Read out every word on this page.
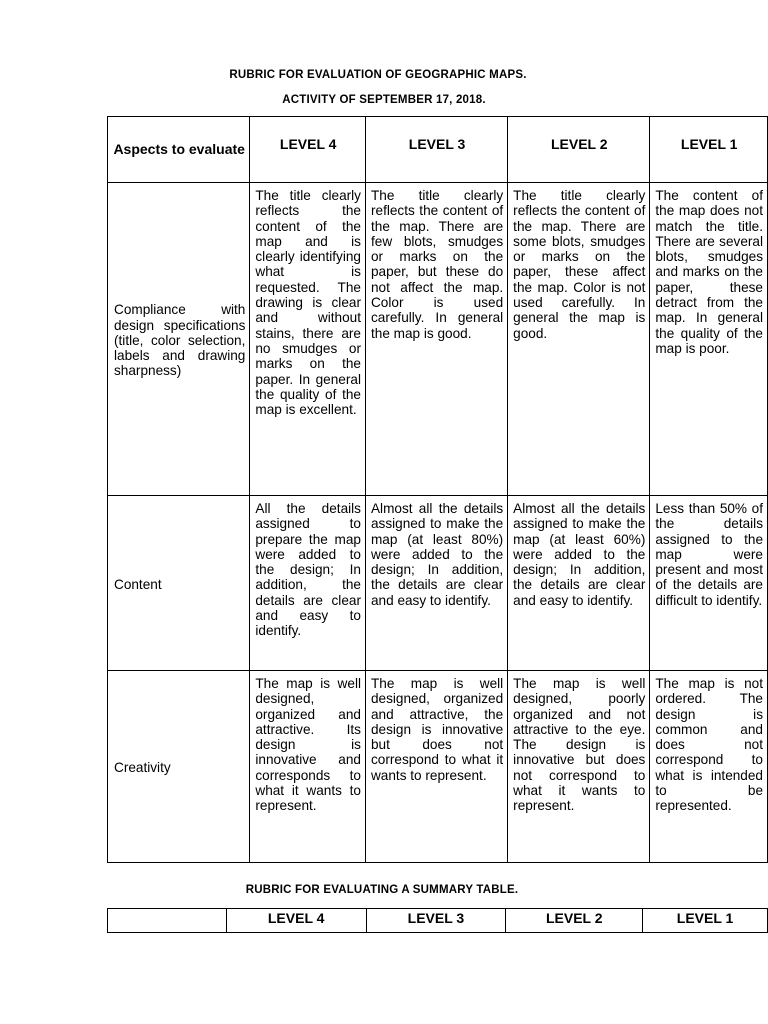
RUBRIC FOR EVALUATION OF GEOGRAPHIC MAPS.
ACTIVITY OF SEPTEMBER 17, 2018.
Aspects to evaluate	LEVEL 4	LEVEL 3	LEVEL 2	LEVEL 1
Compliance with design specifications (title, color selection, labels and drawing sharpness)	The title clearly reflects the content of the map and is clearly identifying what is requested. The drawing is clear and without stains, there are no smudges or marks on the paper. In general the quality of the map is excellent.	The title clearly reflects the content of the map. There are few blots, smudges or marks on the paper, but these do not affect the map. Color is used carefully. In general the map is good.	The title clearly reflects the content of the map. There are some blots, smudges or marks on the paper, these affect the map. Color is not used carefully. In general the map is good.	The content of the map does not match the title. There are several blots, smudges and marks on the paper, these detract from the map. In general the quality of the map is poor.
Content	All the details assigned to prepare the map were added to the design; In addition, the details are clear and easy to identify.	Almost all the details assigned to make the map (at least 80%) were added to the design; In addition, the details are clear and easy to identify.	Almost all the details assigned to make the map (at least 60%) were added to the design; In addition, the details are clear and easy to identify.	Less than 50% of the details assigned to the map were present and most of the details are difficult to identify.
Creativity	The map is well designed, organized and attractive. Its design is innovative and corresponds to what it wants to represent.	The map is well designed, organized and attractive, the design is innovative but does not correspond to what it wants to represent.	The map is well designed, poorly organized and not attractive to the eye. The design is innovative but does not correspond to what it wants to represent.	The map is not ordered. The design is common and does not correspond to what is intended to be represented.
RUBRIC FOR EVALUATING A SUMMARY TABLE.
	LEVEL 4	LEVEL 3	LEVEL 2	LEVEL 1
